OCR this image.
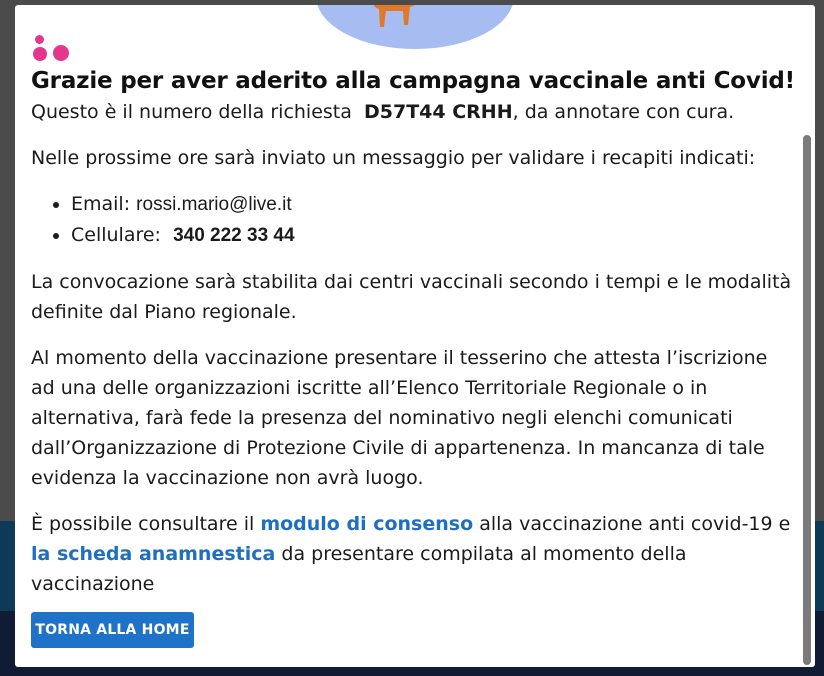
Grazie per aver aderito alla campagna vaccinale anti Covid!

Questo è il numero della richiesta D57T44 CRHH, da annotare con cura.

Nelle prossime ore sarà inviato un messaggio per validare i recapiti indicati:

• Email: rossi.mario@live.it
• Cellulare: 340 222 33 44

La convocazione sarà stabilita dai centri vaccinali secondo i tempi e le modalità definite dal Piano regionale.

Al momento della vaccinazione presentare il tesserino che attesta l’iscrizione ad una delle organizzazioni iscritte all’Elenco Territoriale Regionale o in alternativa, farà fede la presenza del nominativo negli elenchi comunicati dall’Organizzazione di Protezione Civile di appartenenza. In mancanza di tale evidenza la vaccinazione non avrà luogo.

È possibile consultare il modulo di consenso alla vaccinazione anti covid-19 e la scheda anamnestica da presentare compilata al momento della vaccinazione

TORNA ALLA HOME
